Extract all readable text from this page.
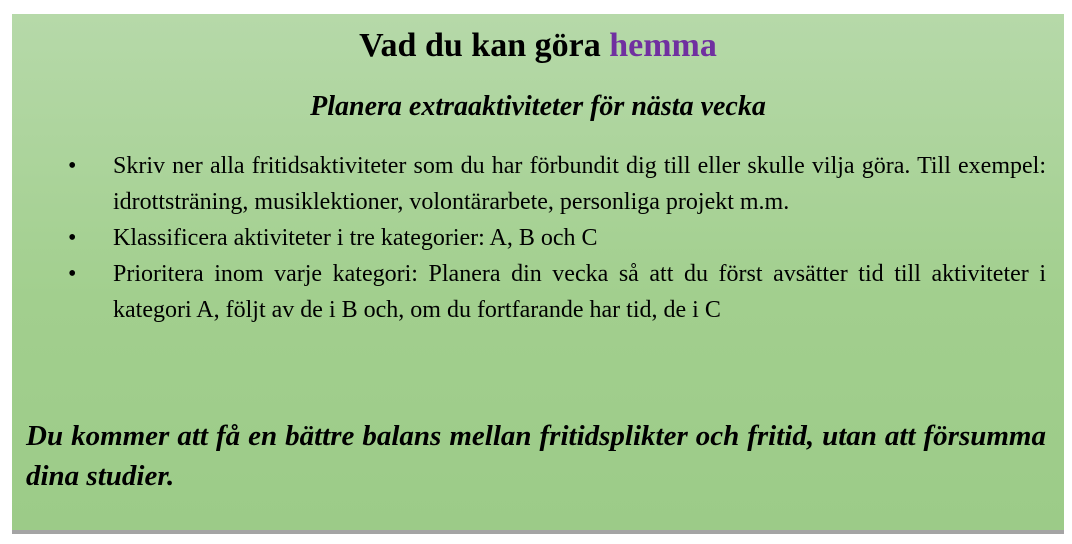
Vad du kan göra hemma
Planera extraaktiviteter för nästa vecka
• Skriv ner alla fritidsaktiviteter som du har förbundit dig till eller skulle vilja göra. Till exempel: idrottsträning, musiklektioner, volontärarbete, personliga projekt m.m.
• Klassificera aktiviteter i tre kategorier: A, B och C
• Prioritera inom varje kategori: Planera din vecka så att du först avsätter tid till aktiviteter i kategori A, följt av de i B och, om du fortfarande har tid, de i C

Du kommer att få en bättre balans mellan fritidsplikter och fritid, utan att försumma dina studier.
